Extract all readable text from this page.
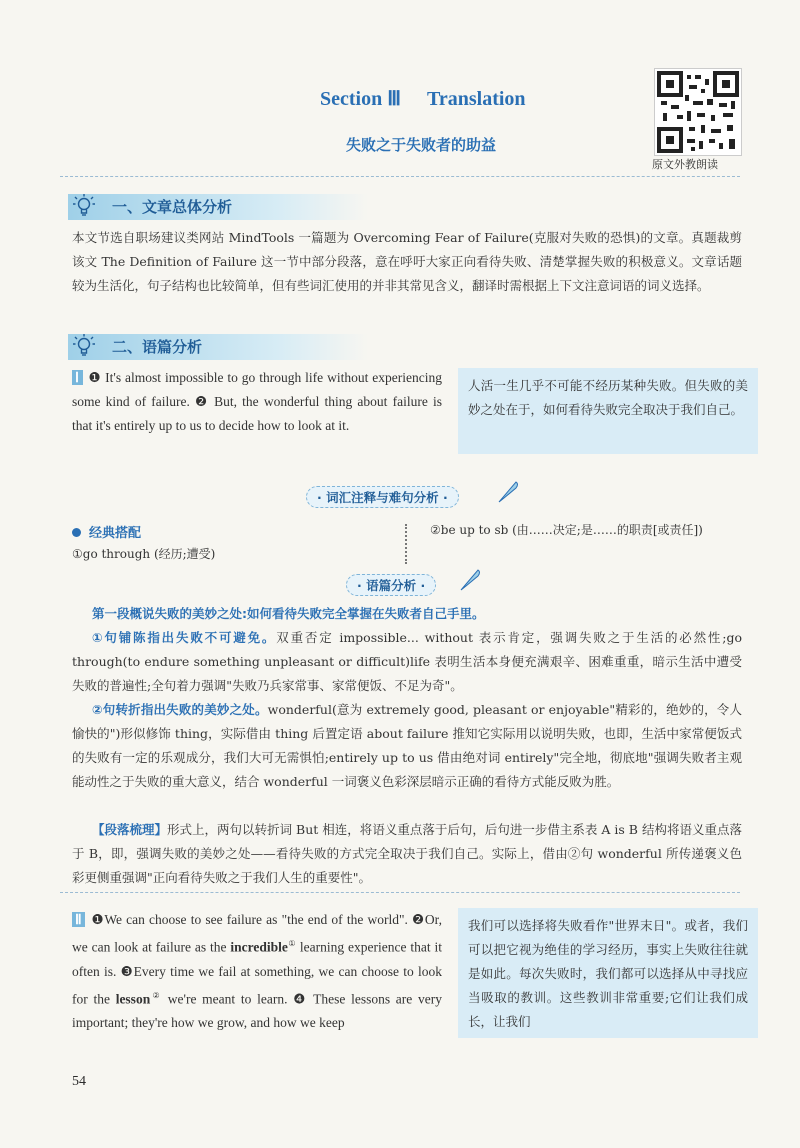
Section Ⅲ Translation
失败之于失败者的助益
原文外教朗读
一、文章总体分析
本文节选自职场建议类网站 MindTools 一篇题为 Overcoming Fear of Failure(克服对失败的恐惧)的文章。真题裁剪该文 The Definition of Failure 这一节中部分段落，意在呼吁大家正向看待失败、清楚掌握失败的积极意义。文章话题较为生活化，句子结构也比较简单，但有些词汇使用的并非其常见含义，翻译时需根据上下文注意词语的词义选择。
二、语篇分析
Ⅰ ❶ It's almost impossible to go through life without experiencing some kind of failure. ❷ But, the wonderful thing about failure is that it's entirely up to us to decide how to look at it.
人活一生几乎不可能不经历某种失败。但失败的美妙之处在于，如何看待失败完全取决于我们自己。
· 词汇注释与难句分析 ·
经典搭配
①go through (经历;遭受)
②be up to sb (由……决定;是……的职责[或责任])
· 语篇分析 ·
第一段概说失败的美妙之处:如何看待失败完全掌握在失败者自己手里。
①句铺陈指出失败不可避免。双重否定 impossible... without 表示肯定，强调失败之于生活的必然性;go through(to endure something unpleasant or difficult)life 表明生活本身便充满艰辛、困难重重，暗示生活中遭受失败的普遍性;全句着力强调"失败乃兵家常事、家常便饭、不足为奇"。
②句转折指出失败的美妙之处。wonderful(意为 extremely good, pleasant or enjoyable"精彩的，绝妙的，令人愉快的")形似修饰 thing，实际借由 thing 后置定语 about failure 推知它实际用以说明失败，也即，生活中家常便饭式的失败有一定的乐观成分，我们大可无需惧怕;entirely up to us 借由绝对词 entirely"完全地，彻底地"强调失败者主观能动性之于失败的重大意义，结合 wonderful 一词褒义色彩深层暗示正确的看待方式能反败为胜。
【段落梳理】形式上，两句以转折词 But 相连，将语义重点落于后句，后句进一步借主系表 A is B 结构将语义重点落于 B，即，强调失败的美妙之处——看待失败的方式完全取决于我们自己。实际上，借由②句 wonderful 所传递褒义色彩更侧重强调"正向看待失败之于我们人生的重要性"。
Ⅱ ❶We can choose to see failure as "the end of the world". ❷Or, we can look at failure as the incredible① learning experience that it often is. ❸Every time we fail at something, we can choose to look for the lesson② we're meant to learn. ❹ These lessons are very important; they're how we grow, and how we keep
我们可以选择将失败看作"世界末日"。或者，我们可以把它视为绝佳的学习经历，事实上失败往往就是如此。每次失败时，我们都可以选择从中寻找应当吸取的教训。这些教训非常重要;它们让我们成长，让我们
54
